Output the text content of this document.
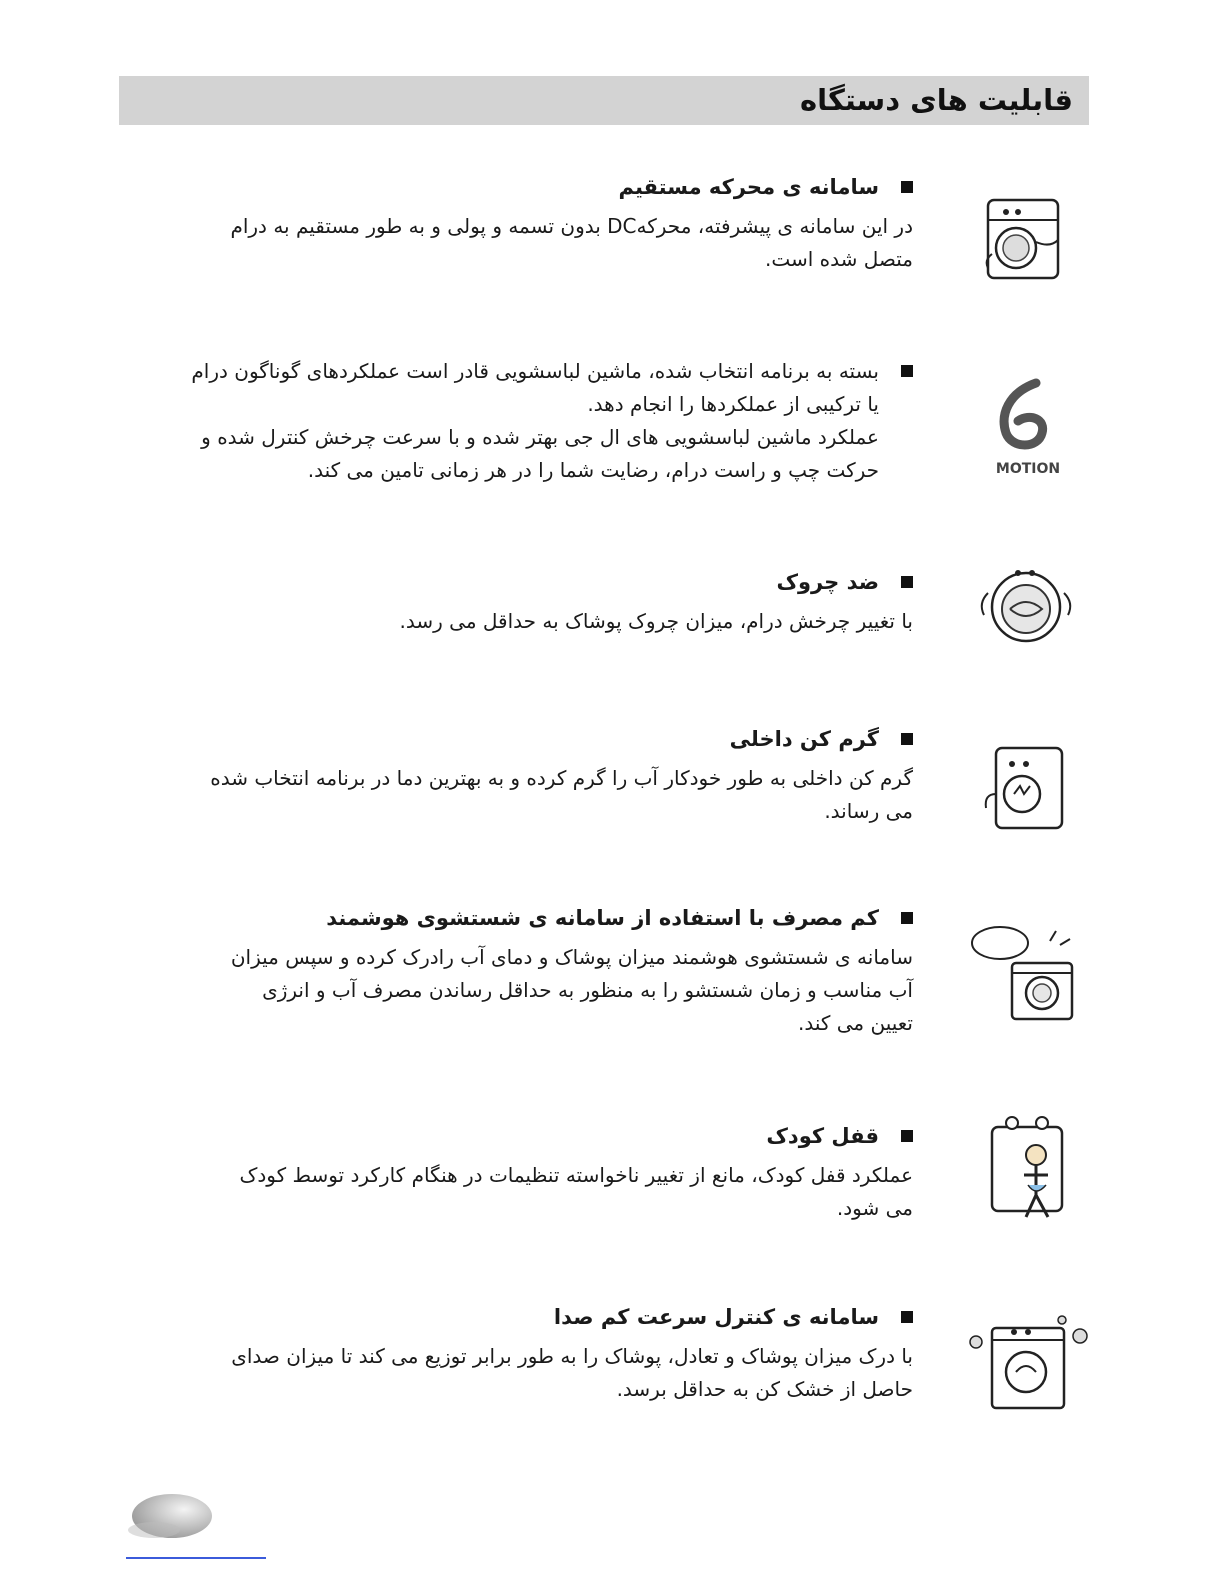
قابلیت های دستگاه
سامانه ی محرکه مستقیم
در این سامانه ی پیشرفته، محرکهDC بدون تسمه و پولی و به طور مستقیم به درام
متصل شده است.
بسته به برنامه انتخاب شده، ماشین لباسشویی قادر است عملکردهای گوناگون درام
یا ترکیبی از عملکردها را انجام دهد.
عملکرد ماشین لباسشویی های ال جی بهتر شده و با سرعت چرخش کنترل شده و
حرکت چپ و راست درام، رضایت شما را در هر زمانی تامین می کند.	MOTION
ضد چروک
با تغییر چرخش درام، میزان چروک پوشاک به حداقل می رسد.
گرم کن داخلی
گرم کن داخلی به طور خودکار آب را گرم کرده و به بهترین دما در برنامه انتخاب شده
می رساند.
کم مصرف با استفاده از سامانه ی شستشوی هوشمند
سامانه ی شستشوی هوشمند میزان پوشاک و دمای آب رادرک کرده و سپس میزان
آب مناسب و زمان شستشو را به منظور به حداقل رساندن مصرف آب و انرژی
تعیین می کند.
قفل کودک
عملکرد قفل کودک، مانع از تغییر ناخواسته تنظیمات در هنگام کارکرد توسط کودک
می شود.
سامانه ی کنترل سرعت کم صدا
با درک میزان پوشاک و تعادل، پوشاک را به طور برابر توزیع می کند تا میزان صدای
حاصل از خشک کن به حداقل برسد.
